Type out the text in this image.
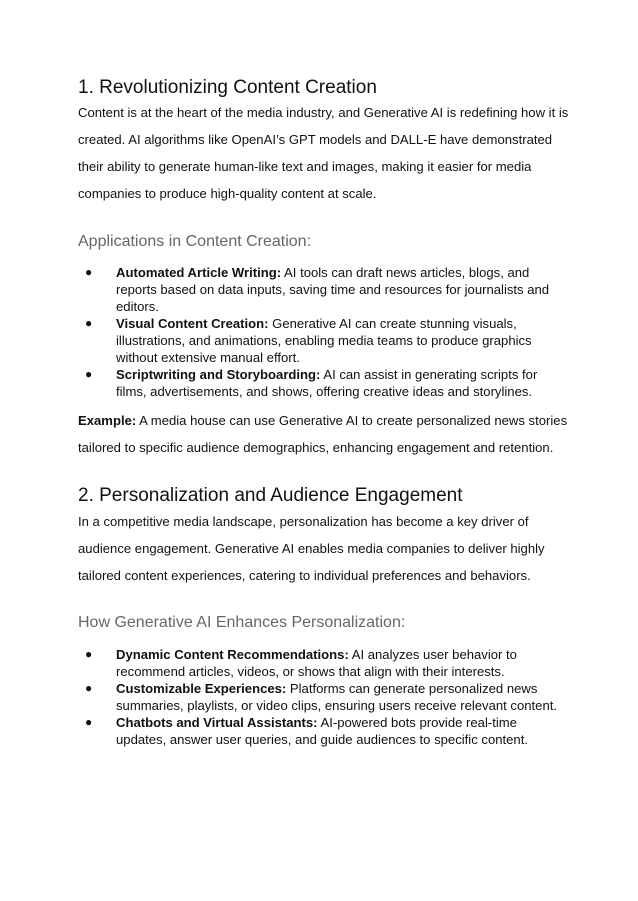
1. Revolutionizing Content Creation

Content is at the heart of the media industry, and Generative AI is redefining how it is
created. AI algorithms like OpenAI’s GPT models and DALL-E have demonstrated
their ability to generate human-like text and images, making it easier for media
companies to produce high-quality content at scale.

Applications in Content Creation:
● Automated Article Writing: AI tools can draft news articles, blogs, and
reports based on data inputs, saving time and resources for journalists and
editors.
● Visual Content Creation: Generative AI can create stunning visuals,
illustrations, and animations, enabling media teams to produce graphics
without extensive manual effort.
● Scriptwriting and Storyboarding: AI can assist in generating scripts for
films, advertisements, and shows, offering creative ideas and storylines.

Example: A media house can use Generative AI to create personalized news stories
tailored to specific audience demographics, enhancing engagement and retention.

2. Personalization and Audience Engagement

In a competitive media landscape, personalization has become a key driver of
audience engagement. Generative AI enables media companies to deliver highly
tailored content experiences, catering to individual preferences and behaviors.

How Generative AI Enhances Personalization:
● Dynamic Content Recommendations: AI analyzes user behavior to
recommend articles, videos, or shows that align with their interests.
● Customizable Experiences: Platforms can generate personalized news
summaries, playlists, or video clips, ensuring users receive relevant content.
● Chatbots and Virtual Assistants: AI-powered bots provide real-time
updates, answer user queries, and guide audiences to specific content.
